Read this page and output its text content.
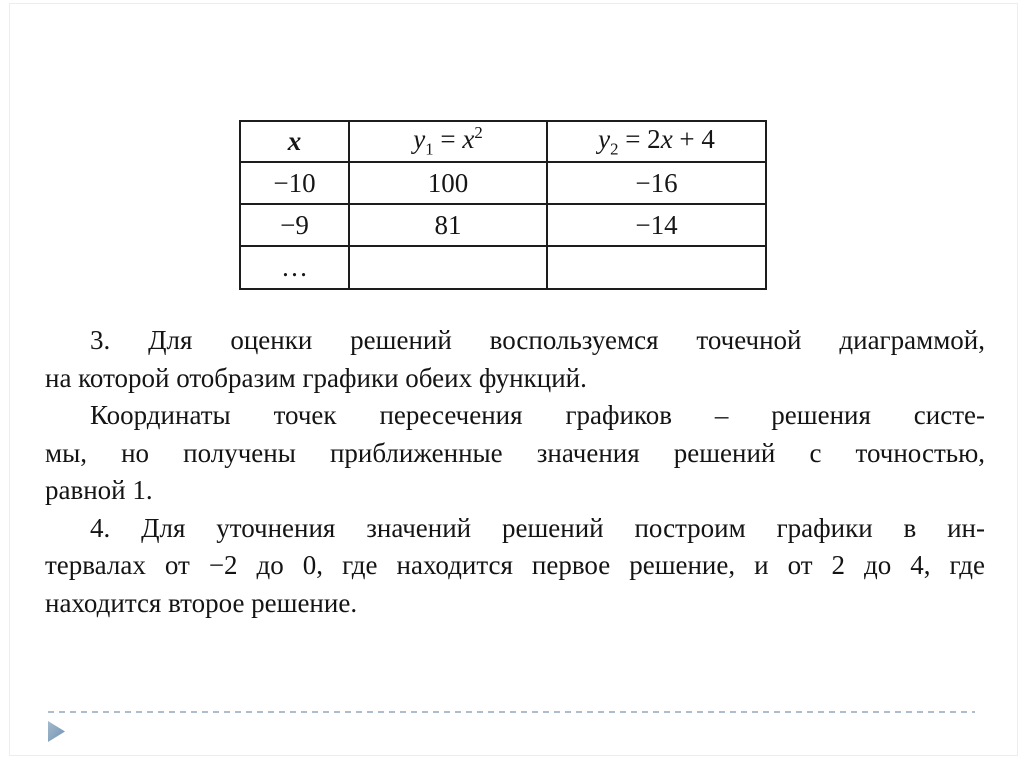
x	$y_1 = x^2$	$y_2 = 2x + 4$
−10	100	−16
−9	81	−14
…		
3. Для оценки решений воспользуемся точечной диаграммой,
на которой отобразим графики обеих функций.
Координаты точек пересечения графиков – решения систе-
мы, но получены приближенные значения решений с точностью,
равной 1.
4. Для уточнения значений решений построим графики в ин-
тервалах от −2 до 0, где находится первое решение, и от 2 до 4, где
находится второе решение.
